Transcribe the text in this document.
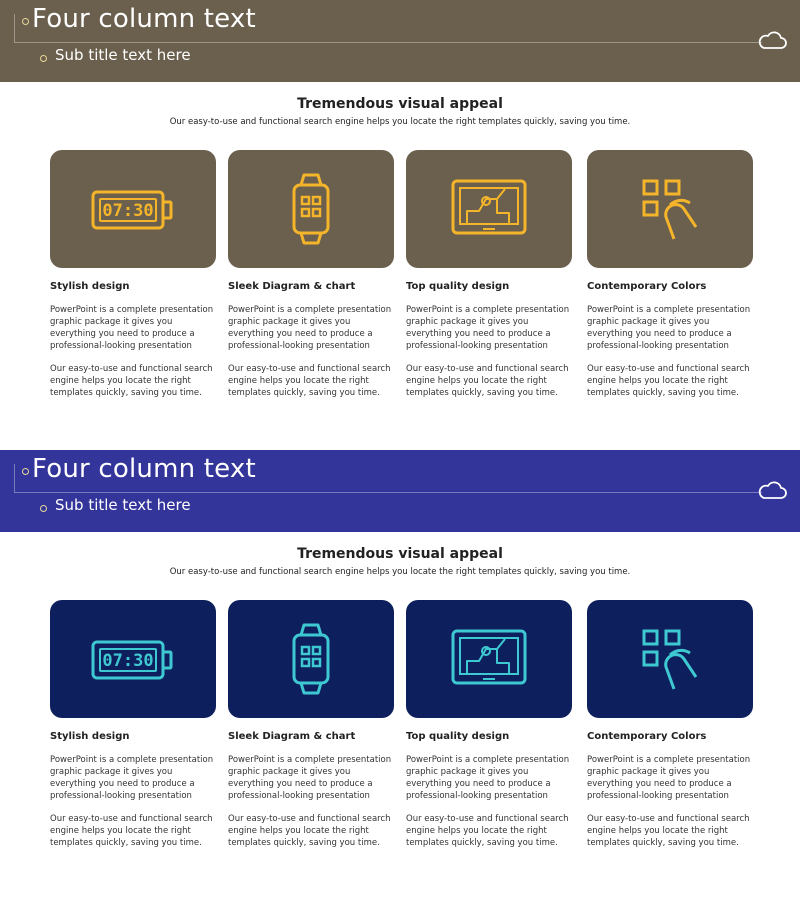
Four column text
Sub title text here
Tremendous visual appeal
Our easy-to-use and functional search engine helps you locate the right templates quickly, saving you time.
07:30
Stylish design
PowerPoint is a complete presentation graphic package it gives you everything you need to produce a professional-looking presentation
Our easy-to-use and functional search engine helps you locate the right templates quickly, saving you time.
Sleek Diagram & chart
PowerPoint is a complete presentation graphic package it gives you everything you need to produce a professional-looking presentation
Our easy-to-use and functional search engine helps you locate the right templates quickly, saving you time.
Top quality design
PowerPoint is a complete presentation graphic package it gives you everything you need to produce a professional-looking presentation
Our easy-to-use and functional search engine helps you locate the right templates quickly, saving you time.
Contemporary Colors
PowerPoint is a complete presentation graphic package it gives you everything you need to produce a professional-looking presentation
Our easy-to-use and functional search engine helps you locate the right templates quickly, saving you time.
Four column text
Sub title text here
Tremendous visual appeal
Our easy-to-use and functional search engine helps you locate the right templates quickly, saving you time.
07:30
Stylish design
PowerPoint is a complete presentation graphic package it gives you everything you need to produce a professional-looking presentation
Our easy-to-use and functional search engine helps you locate the right templates quickly, saving you time.
Sleek Diagram & chart
PowerPoint is a complete presentation graphic package it gives you everything you need to produce a professional-looking presentation
Our easy-to-use and functional search engine helps you locate the right templates quickly, saving you time.
Top quality design
PowerPoint is a complete presentation graphic package it gives you everything you need to produce a professional-looking presentation
Our easy-to-use and functional search engine helps you locate the right templates quickly, saving you time.
Contemporary Colors
PowerPoint is a complete presentation graphic package it gives you everything you need to produce a professional-looking presentation
Our easy-to-use and functional search engine helps you locate the right templates quickly, saving you time.
